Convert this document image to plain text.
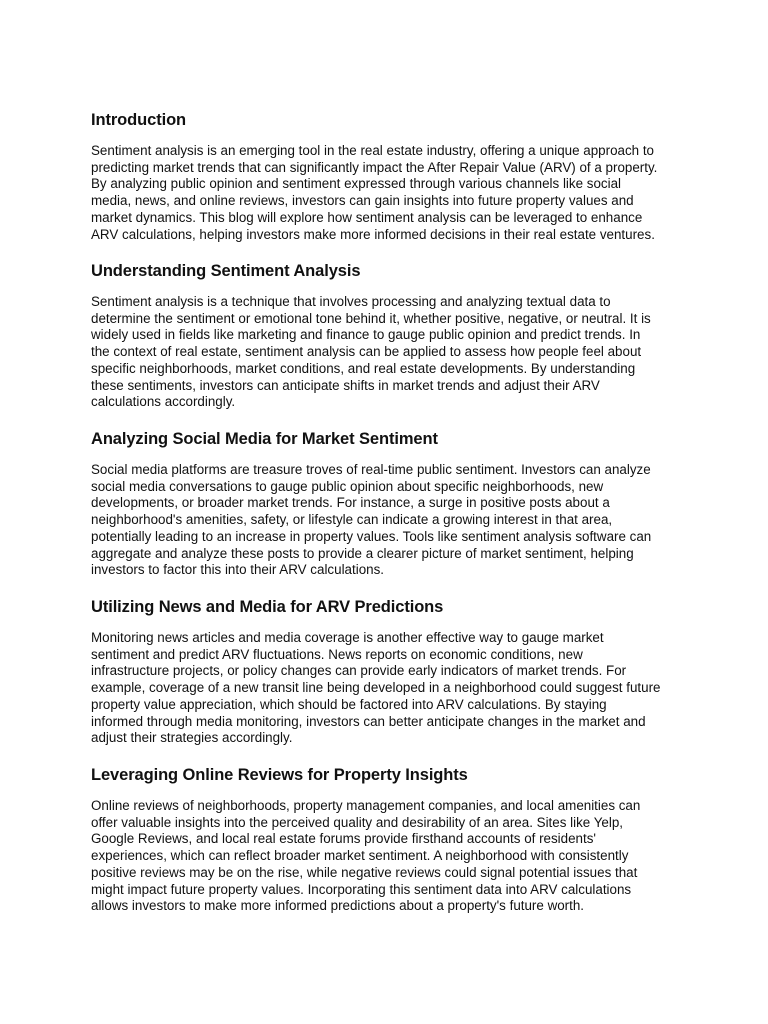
Introduction

Sentiment analysis is an emerging tool in the real estate industry, offering a unique approach to
predicting market trends that can significantly impact the After Repair Value (ARV) of a property.
By analyzing public opinion and sentiment expressed through various channels like social
media, news, and online reviews, investors can gain insights into future property values and
market dynamics. This blog will explore how sentiment analysis can be leveraged to enhance
ARV calculations, helping investors make more informed decisions in their real estate ventures.

Understanding Sentiment Analysis

Sentiment analysis is a technique that involves processing and analyzing textual data to
determine the sentiment or emotional tone behind it, whether positive, negative, or neutral. It is
widely used in fields like marketing and finance to gauge public opinion and predict trends. In
the context of real estate, sentiment analysis can be applied to assess how people feel about
specific neighborhoods, market conditions, and real estate developments. By understanding
these sentiments, investors can anticipate shifts in market trends and adjust their ARV
calculations accordingly.

Analyzing Social Media for Market Sentiment

Social media platforms are treasure troves of real-time public sentiment. Investors can analyze
social media conversations to gauge public opinion about specific neighborhoods, new
developments, or broader market trends. For instance, a surge in positive posts about a
neighborhood's amenities, safety, or lifestyle can indicate a growing interest in that area,
potentially leading to an increase in property values. Tools like sentiment analysis software can
aggregate and analyze these posts to provide a clearer picture of market sentiment, helping
investors to factor this into their ARV calculations.

Utilizing News and Media for ARV Predictions

Monitoring news articles and media coverage is another effective way to gauge market
sentiment and predict ARV fluctuations. News reports on economic conditions, new
infrastructure projects, or policy changes can provide early indicators of market trends. For
example, coverage of a new transit line being developed in a neighborhood could suggest future
property value appreciation, which should be factored into ARV calculations. By staying
informed through media monitoring, investors can better anticipate changes in the market and
adjust their strategies accordingly.

Leveraging Online Reviews for Property Insights

Online reviews of neighborhoods, property management companies, and local amenities can
offer valuable insights into the perceived quality and desirability of an area. Sites like Yelp,
Google Reviews, and local real estate forums provide firsthand accounts of residents'
experiences, which can reflect broader market sentiment. A neighborhood with consistently
positive reviews may be on the rise, while negative reviews could signal potential issues that
might impact future property values. Incorporating this sentiment data into ARV calculations
allows investors to make more informed predictions about a property's future worth.
